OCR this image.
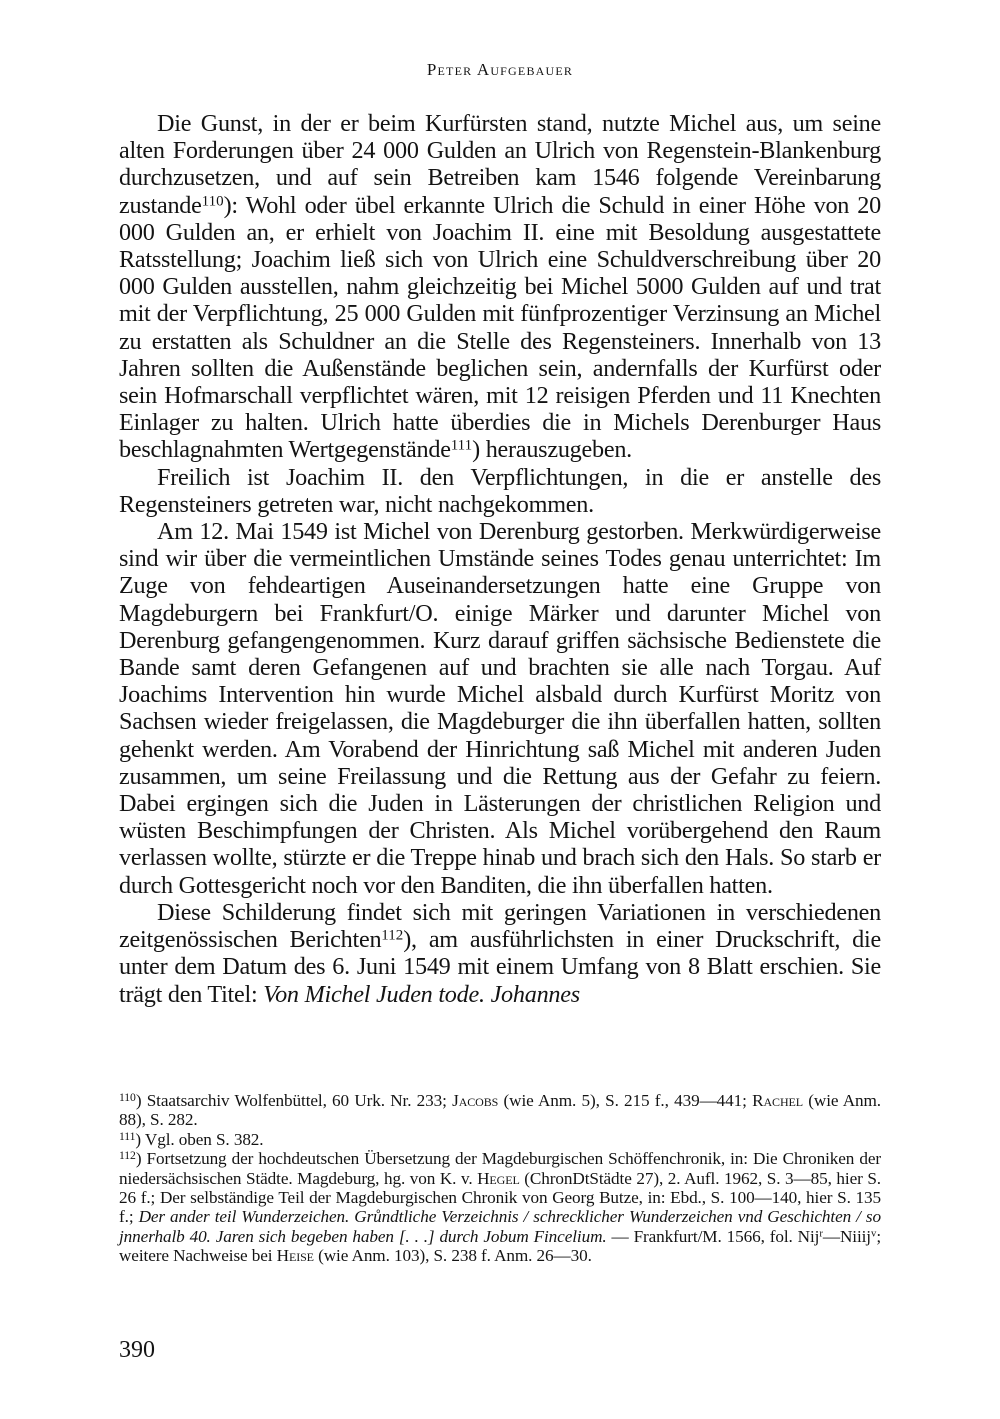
Peter Aufgebauer

Die Gunst, in der er beim Kurfürsten stand, nutzte Michel aus, um seine alten Forderungen über 24 000 Gulden an Ulrich von Regenstein-Blankenburg durchzusetzen, und auf sein Betreiben kam 1546 folgende Vereinbarung zustande$^{110}$): Wohl oder übel erkannte Ulrich die Schuld in einer Höhe von 20 000 Gulden an, er erhielt von Joachim II. eine mit Besoldung ausgestattete Ratsstellung; Joachim ließ sich von Ulrich eine Schuldverschreibung über 20 000 Gulden ausstellen, nahm gleichzeitig bei Michel 5000 Gulden auf und trat mit der Verpflichtung, 25 000 Gulden mit fünfprozentiger Verzinsung an Michel zu erstatten als Schuldner an die Stelle des Regensteiners. Innerhalb von 13 Jahren sollten die Außenstände beglichen sein, andernfalls der Kurfürst oder sein Hofmarschall verpflichtet wären, mit 12 reisigen Pferden und 11 Knechten Einlager zu halten. Ulrich hatte überdies die in Michels Derenburger Haus beschlagnahmten Wertgegenstände$^{111}$) herauszugeben.

Freilich ist Joachim II. den Verpflichtungen, in die er anstelle des Regensteiners getreten war, nicht nachgekommen.

Am 12. Mai 1549 ist Michel von Derenburg gestorben. Merkwürdigerweise sind wir über die vermeintlichen Umstände seines Todes genau unterrichtet: Im Zuge von fehdeartigen Auseinandersetzungen hatte eine Gruppe von Magdeburgern bei Frankfurt/O. einige Märker und darunter Michel von Derenburg gefangengenommen. Kurz darauf griffen sächsische Bedienstete die Bande samt deren Gefangenen auf und brachten sie alle nach Torgau. Auf Joachims Intervention hin wurde Michel alsbald durch Kurfürst Moritz von Sachsen wieder freigelassen, die Magdeburger die ihn überfallen hatten, sollten gehenkt werden. Am Vorabend der Hinrichtung saß Michel mit anderen Juden zusammen, um seine Freilassung und die Rettung aus der Gefahr zu feiern. Dabei ergingen sich die Juden in Lästerungen der christlichen Religion und wüsten Beschimpfungen der Christen. Als Michel vorübergehend den Raum verlassen wollte, stürzte er die Treppe hinab und brach sich den Hals. So starb er durch Gottesgericht noch vor den Banditen, die ihn überfallen hatten.

Diese Schilderung findet sich mit geringen Variationen in verschiedenen zeitgenössischen Berichten$^{112}$), am ausführlichsten in einer Druckschrift, die unter dem Datum des 6. Juni 1549 mit einem Umfang von 8 Blatt erschien. Sie trägt den Titel: Von Michel Juden tode. Johannes

$^{110}$) Staatsarchiv Wolfenbüttel, 60 Urk. Nr. 233; Jacobs (wie Anm. 5), S. 215 f., 439—441; Rachel (wie Anm. 88), S. 282.

$^{111}$) Vgl. oben S. 382.

$^{112}$) Fortsetzung der hochdeutschen Übersetzung der Magdeburgischen Schöffenchronik, in: Die Chroniken der niedersächsischen Städte. Magdeburg, hg. von K. v. Hegel (ChronDtStädte 27), 2. Aufl. 1962, S. 3—85, hier S. 26 f.; Der selbständige Teil der Magdeburgischen Chronik von Georg Butze, in: Ebd., S. 100—140, hier S. 135 f.; Der ander teil Wunderzeichen. Grůndtliche Verzeichnis / schrecklicher Wunderzeichen vnd Geschichten / so jnnerhalb 40. Jaren sich begeben haben [. . .] durch Jobum Fincelium. — Frankfurt/M. 1566, fol. Nij$^r$—Niiij$^v$; weitere Nachweise bei Heise (wie Anm. 103), S. 238 f. Anm. 26—30.

390
